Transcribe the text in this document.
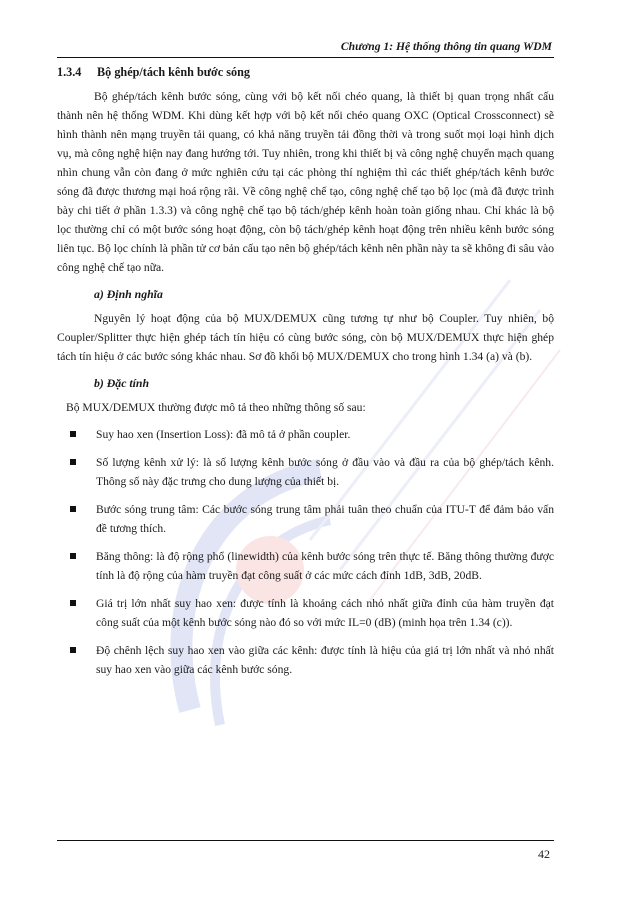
Chương 1: Hệ thống thông tin quang WDM
1.3.4 Bộ ghép/tách kênh bước sóng

Bộ ghép/tách kênh bước sóng, cùng với bộ kết nối chéo quang, là thiết bị quan trọng nhất cấu thành nên hệ thống WDM. Khi dùng kết hợp với bộ kết nối chéo quang OXC (Optical Crossconnect) sẽ hình thành nên mạng truyền tải quang, có khả năng truyền tải đồng thời và trong suốt mọi loại hình dịch vụ, mà công nghệ hiện nay đang hướng tới. Tuy nhiên, trong khi thiết bị và công nghệ chuyển mạch quang nhìn chung vẫn còn đang ở mức nghiên cứu tại các phòng thí nghiệm thì các thiết ghép/tách kênh bước sóng đã được thương mại hoá rộng rãi. Về công nghệ chế tạo, công nghệ chế tạo bộ lọc (mà đã được trình bày chi tiết ở phần 1.3.3) và công nghệ chế tạo bộ tách/ghép kênh hoàn toàn giống nhau. Chỉ khác là bộ lọc thường chỉ có một bước sóng hoạt động, còn bộ tách/ghép kênh hoạt động trên nhiều kênh bước sóng liên tục. Bộ lọc chính là phần tử cơ bản cấu tạo nên bộ ghép/tách kênh nên phần này ta sẽ không đi sâu vào công nghệ chế tạo nữa.

a) Định nghĩa

Nguyên lý hoạt động của bộ MUX/DEMUX cũng tương tự như bộ Coupler. Tuy nhiên, bộ Coupler/Splitter thực hiện ghép tách tín hiệu có cùng bước sóng, còn bộ MUX/DEMUX thực hiện ghép tách tín hiệu ở các bước sóng khác nhau. Sơ đồ khối bộ MUX/DEMUX cho trong hình 1.34 (a) và (b).

b) Đặc tính
Bộ MUX/DEMUX thường được mô tả theo những thông số sau:
Suy hao xen (Insertion Loss): đã mô tả ở phần coupler.
Số lượng kênh xử lý: là số lượng kênh bước sóng ở đầu vào và đầu ra của bộ ghép/tách kênh. Thông số này đặc trưng cho dung lượng của thiết bị.
Bước sóng trung tâm: Các bước sóng trung tâm phải tuân theo chuẩn của ITU-T để đảm bảo vấn đề tương thích.
Băng thông: là độ rộng phổ (linewidth) của kênh bước sóng trên thực tế. Băng thông thường được tính là độ rộng của hàm truyền đạt công suất ở các mức cách đỉnh 1dB, 3dB, 20dB.
Giá trị lớn nhất suy hao xen: được tính là khoảng cách nhỏ nhất giữa đỉnh của hàm truyền đạt công suất của một kênh bước sóng nào đó so với mức IL=0 (dB) (minh họa trên 1.34 (c)).
Độ chênh lệch suy hao xen vào giữa các kênh: được tính là hiệu của giá trị lớn nhất và nhỏ nhất suy hao xen vào giữa các kênh bước sóng.
42
